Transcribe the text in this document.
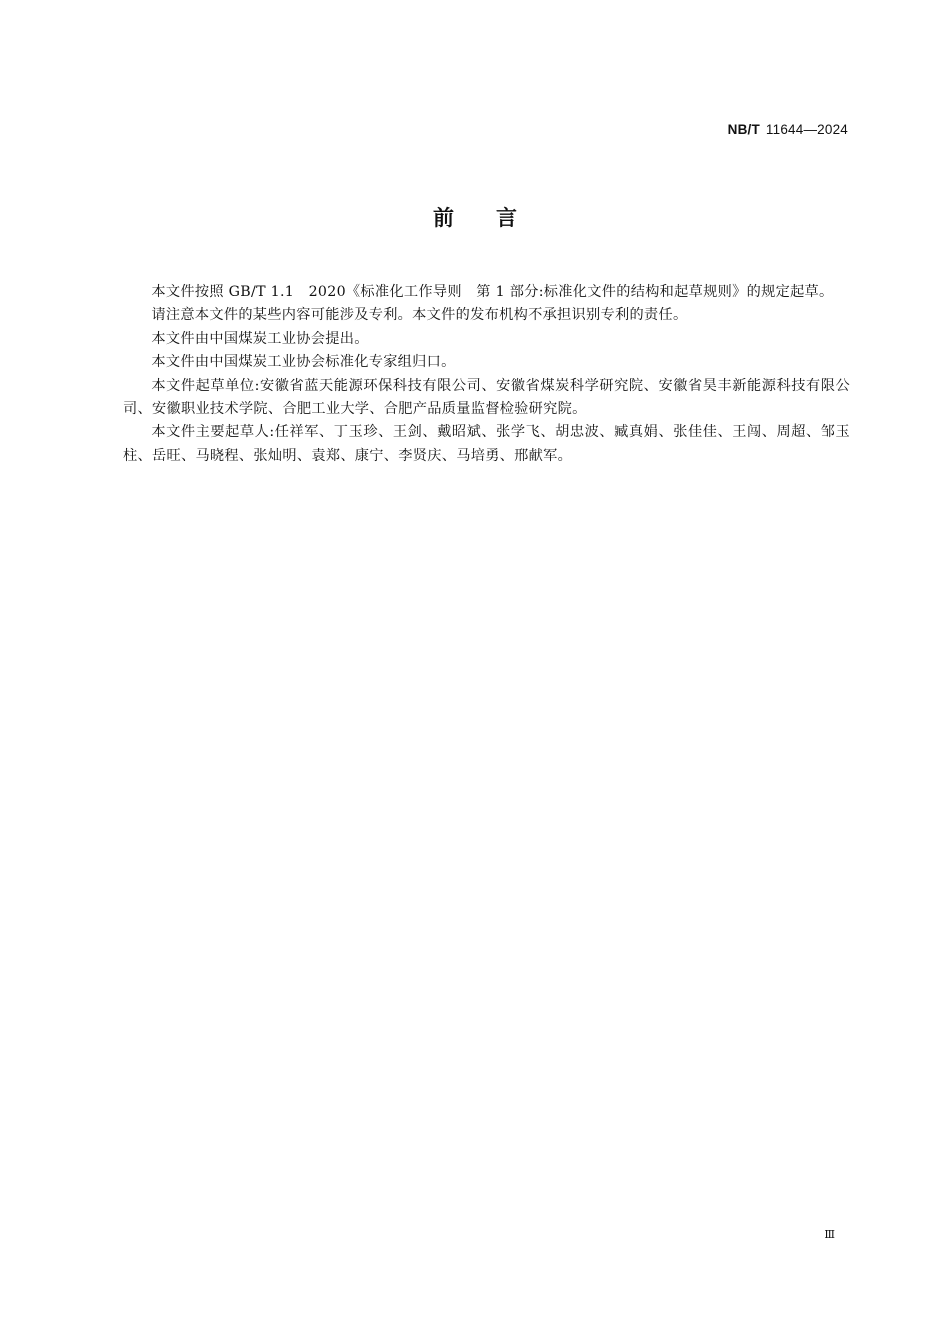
NB/T 11644—2024
前言

本文件按照 GB/T 1.1　2020《标准化工作导则　第 1 部分:标准化文件的结构和起草规则》的规定起草。

请注意本文件的某些内容可能涉及专利。本文件的发布机构不承担识别专利的责任。

本文件由中国煤炭工业协会提出。

本文件由中国煤炭工业协会标准化专家组归口。

本文件起草单位:安徽省蓝天能源环保科技有限公司、安徽省煤炭科学研究院、安徽省昊丰新能源科技有限公司、安徽职业技术学院、合肥工业大学、合肥产品质量监督检验研究院。

本文件主要起草人:任祥军、丁玉珍、王剑、戴昭斌、张学飞、胡忠波、臧真娟、张佳佳、王闯、周超、邹玉柱、岳旺、马晓程、张灿明、袁郑、康宁、李贤庆、马培勇、邢献军。

Ⅲ
